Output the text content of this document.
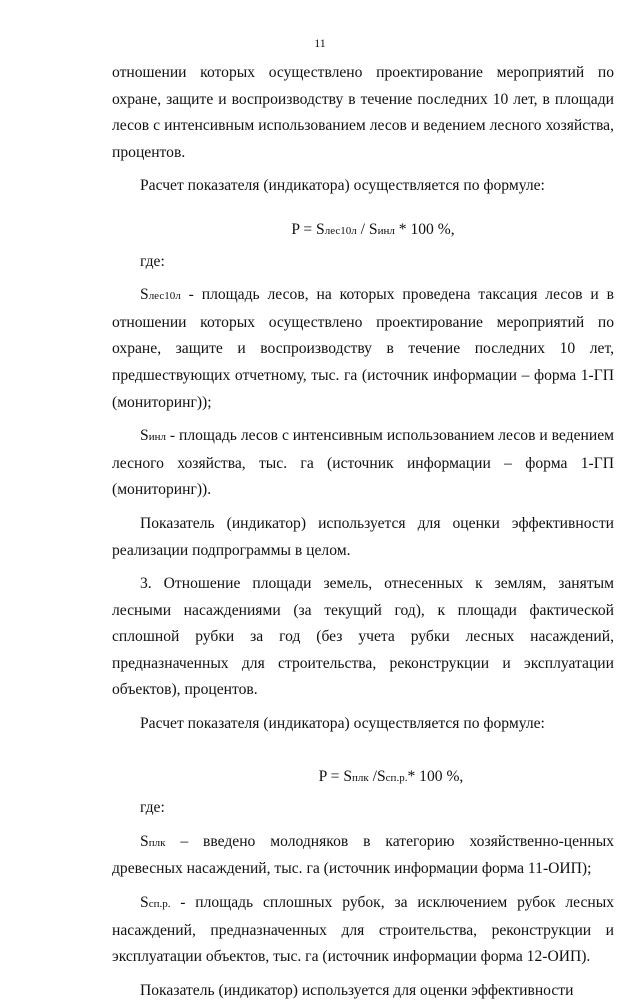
11

отношении которых осуществлено проектирование мероприятий по охране, защите и воспроизводству в течение последних 10 лет, в площади лесов с интенсивным использованием лесов и ведением лесного хозяйства, процентов.

Расчет показателя (индикатора) осуществляется по формуле:

P = Sлес10л / Sинл * 100 %,

где:

Sлес10л - площадь лесов, на которых проведена таксация лесов и в отношении которых осуществлено проектирование мероприятий по охране, защите и воспроизводству в течение последних 10 лет, предшествующих отчетному, тыс. га (источник информации – форма 1-ГП (мониторинг));

Sинл - площадь лесов с интенсивным использованием лесов и ведением лесного хозяйства, тыс. га (источник информации – форма 1-ГП (мониторинг)).

Показатель (индикатор) используется для оценки эффективности реализации подпрограммы в целом.

3. Отношение площади земель, отнесенных к землям, занятым лесными насаждениями (за текущий год), к площади фактической сплошной рубки за год (без учета рубки лесных насаждений, предназначенных для строительства, реконструкции и эксплуатации объектов), процентов.

Расчет показателя (индикатора) осуществляется по формуле:

P = Sплк /Sсп.р.* 100 %,

где:

Sплк – введено молодняков в категорию хозяйственно-ценных древесных насаждений, тыс. га (источник информации форма 11-ОИП);

Sсп.р. - площадь сплошных рубок, за исключением рубок лесных насаждений, предназначенных для строительства, реконструкции и эксплуатации объектов, тыс. га (источник информации форма 12-ОИП).

Показатель (индикатор) используется для оценки эффективности
